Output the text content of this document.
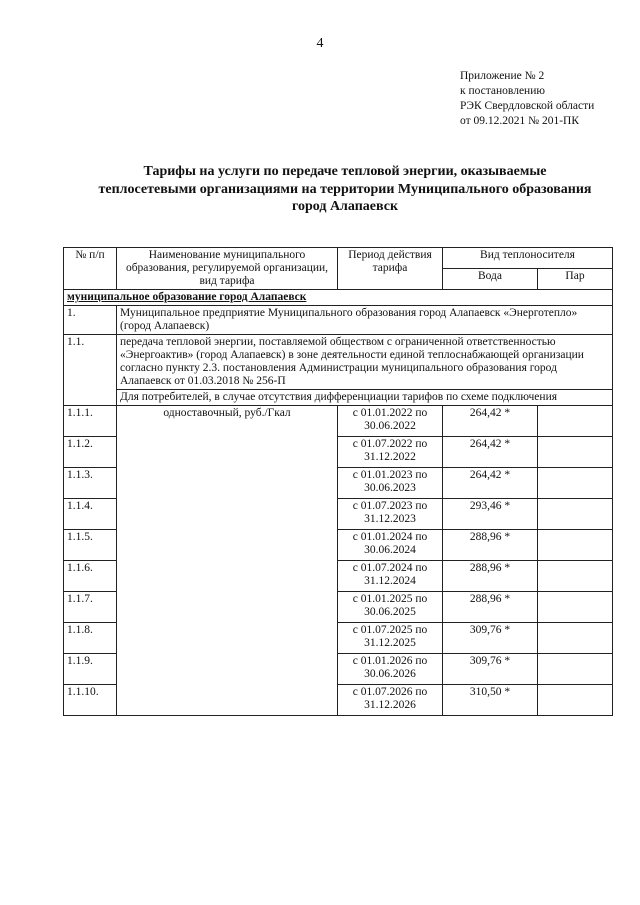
4
Приложение № 2
к постановлению
РЭК Свердловской области
от 09.12.2021 № 201-ПК
Тарифы на услуги по передаче тепловой энергии, оказываемые
теплосетевыми организациями на территории Муниципального образования
город Алапаевск
№ п/п	Наименование муниципального образования, регулируемой организации, вид тарифа	Период действия тарифа	Вид теплоносителя	
			Вода	Пар
муниципальное образование город Алапаевск				
1.	Муниципальное предприятие Муниципального образования город Алапаевск «Энерготепло» (город Алапаевск)			
1.1.	передача тепловой энергии, поставляемой обществом с ограниченной ответственностью «Энергоактив» (город Алапаевск) в зоне деятельности единой теплоснабжающей организации согласно пункту 2.3. постановления Администрации муниципального образования город Алапаевск от 01.03.2018 № 256-П			
	Для потребителей, в случае отсутствия дифференциации тарифов по схеме подключения			
1.1.1.	одноставочный, руб./Гкал	с 01.01.2022 по 30.06.2022	264,42 *	
1.1.2.		с 01.07.2022 по 31.12.2022	264,42 *	
1.1.3.		с 01.01.2023 по 30.06.2023	264,42 *	
1.1.4.		с 01.07.2023 по 31.12.2023	293,46 *	
1.1.5.		с 01.01.2024 по 30.06.2024	288,96 *	
1.1.6.		с 01.07.2024 по 31.12.2024	288,96 *	
1.1.7.		с 01.01.2025 по 30.06.2025	288,96 *	
1.1.8.		с 01.07.2025 по 31.12.2025	309,76 *	
1.1.9.		с 01.01.2026 по 30.06.2026	309,76 *	
1.1.10.		с 01.07.2026 по 31.12.2026	310,50 *	
